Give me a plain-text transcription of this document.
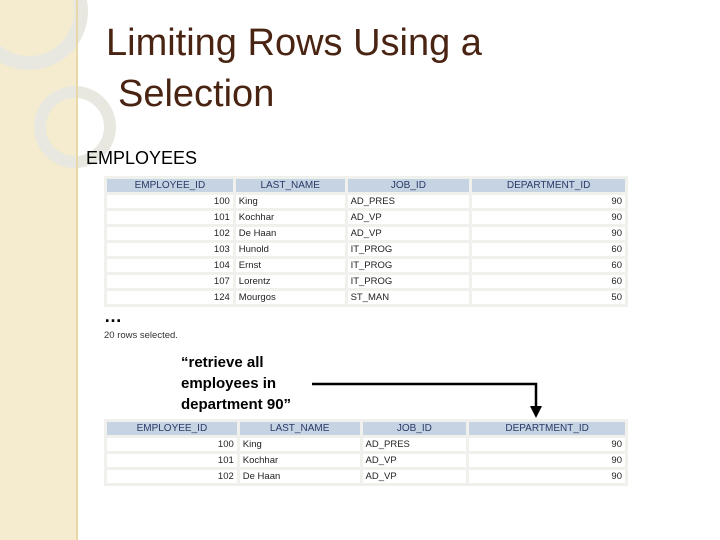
Limiting Rows Using a
Selection
EMPLOYEES
EMPLOYEE_ID	LAST_NAME	JOB_ID	DEPARTMENT_ID
100	King	AD_PRES	90
101	Kochhar	AD_VP	90
102	De Haan	AD_VP	90
103	Hunold	IT_PROG	60
104	Ernst	IT_PROG	60
107	Lorentz	IT_PROG	60
124	Mourgos	ST_MAN	50
…
20 rows selected.
“retrieve all
employees in
department 90”
EMPLOYEE_ID	LAST_NAME	JOB_ID	DEPARTMENT_ID
100	King	AD_PRES	90
101	Kochhar	AD_VP	90
102	De Haan	AD_VP	90
